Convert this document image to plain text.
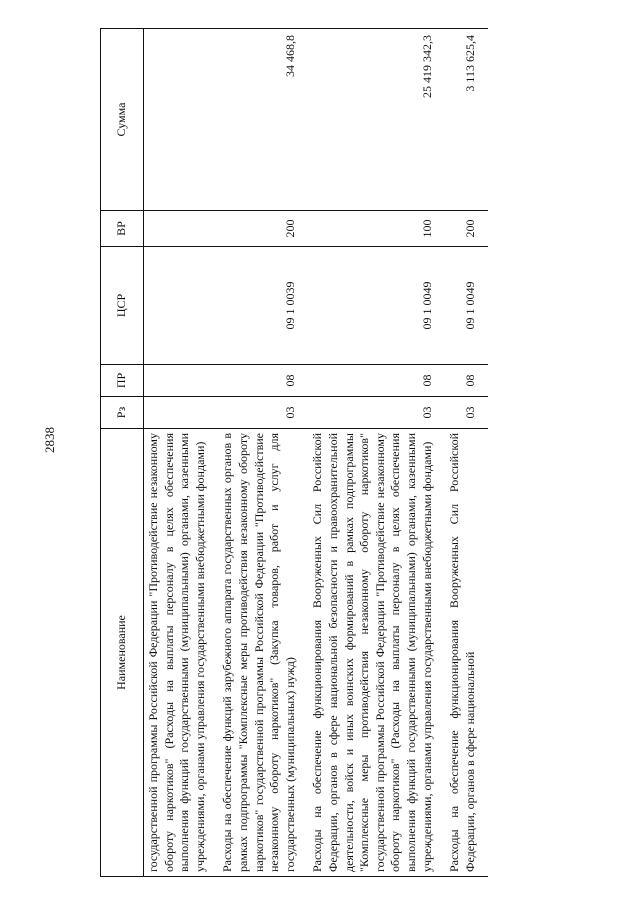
2838
Наименование	Рз	ПР	ЦСР	ВР	Сумма
государственной программы Российской Федерации "Противодействие незаконному обороту наркотиков" (Расходы на выплаты персоналу в целях обеспечения выполнения функций государственными (муниципальными) органами, казенными учреждениями, органами управления государственными внебюджетными фондами)					
Расходы на обеспечение функций зарубежного аппарата государственных органов в рамках подпрограммы "Комплексные меры противодействия незаконному обороту наркотиков" государственной программы Российской Федерации "Противодействие незаконному обороту наркотиков" (Закупка товаров, работ и услуг для государственных (муниципальных) нужд)	03	08	09 1 0039	200	34 468,8
Расходы на обеспечение функционирования Вооруженных Сил Российской Федерации, органов в сфере национальной безопасности и правоохранительной деятельности, войск и иных воинских формирований в рамках подпрограммы "Комплексные меры противодействия незаконному обороту наркотиков" государственной программы Российской Федерации "Противодействие незаконному обороту наркотиков" (Расходы на выплаты персоналу в целях обеспечения выполнения функций государственными (муниципальными) органами, казенными учреждениями, органами управления государственными внебюджетными фондами)	03	08	09 1 0049	100	25 419 342,3
Расходы на обеспечение функционирования Вооруженных Сил Российской Федерации, органов в сфере национальной	03	08	09 1 0049	200	3 113 625,4
